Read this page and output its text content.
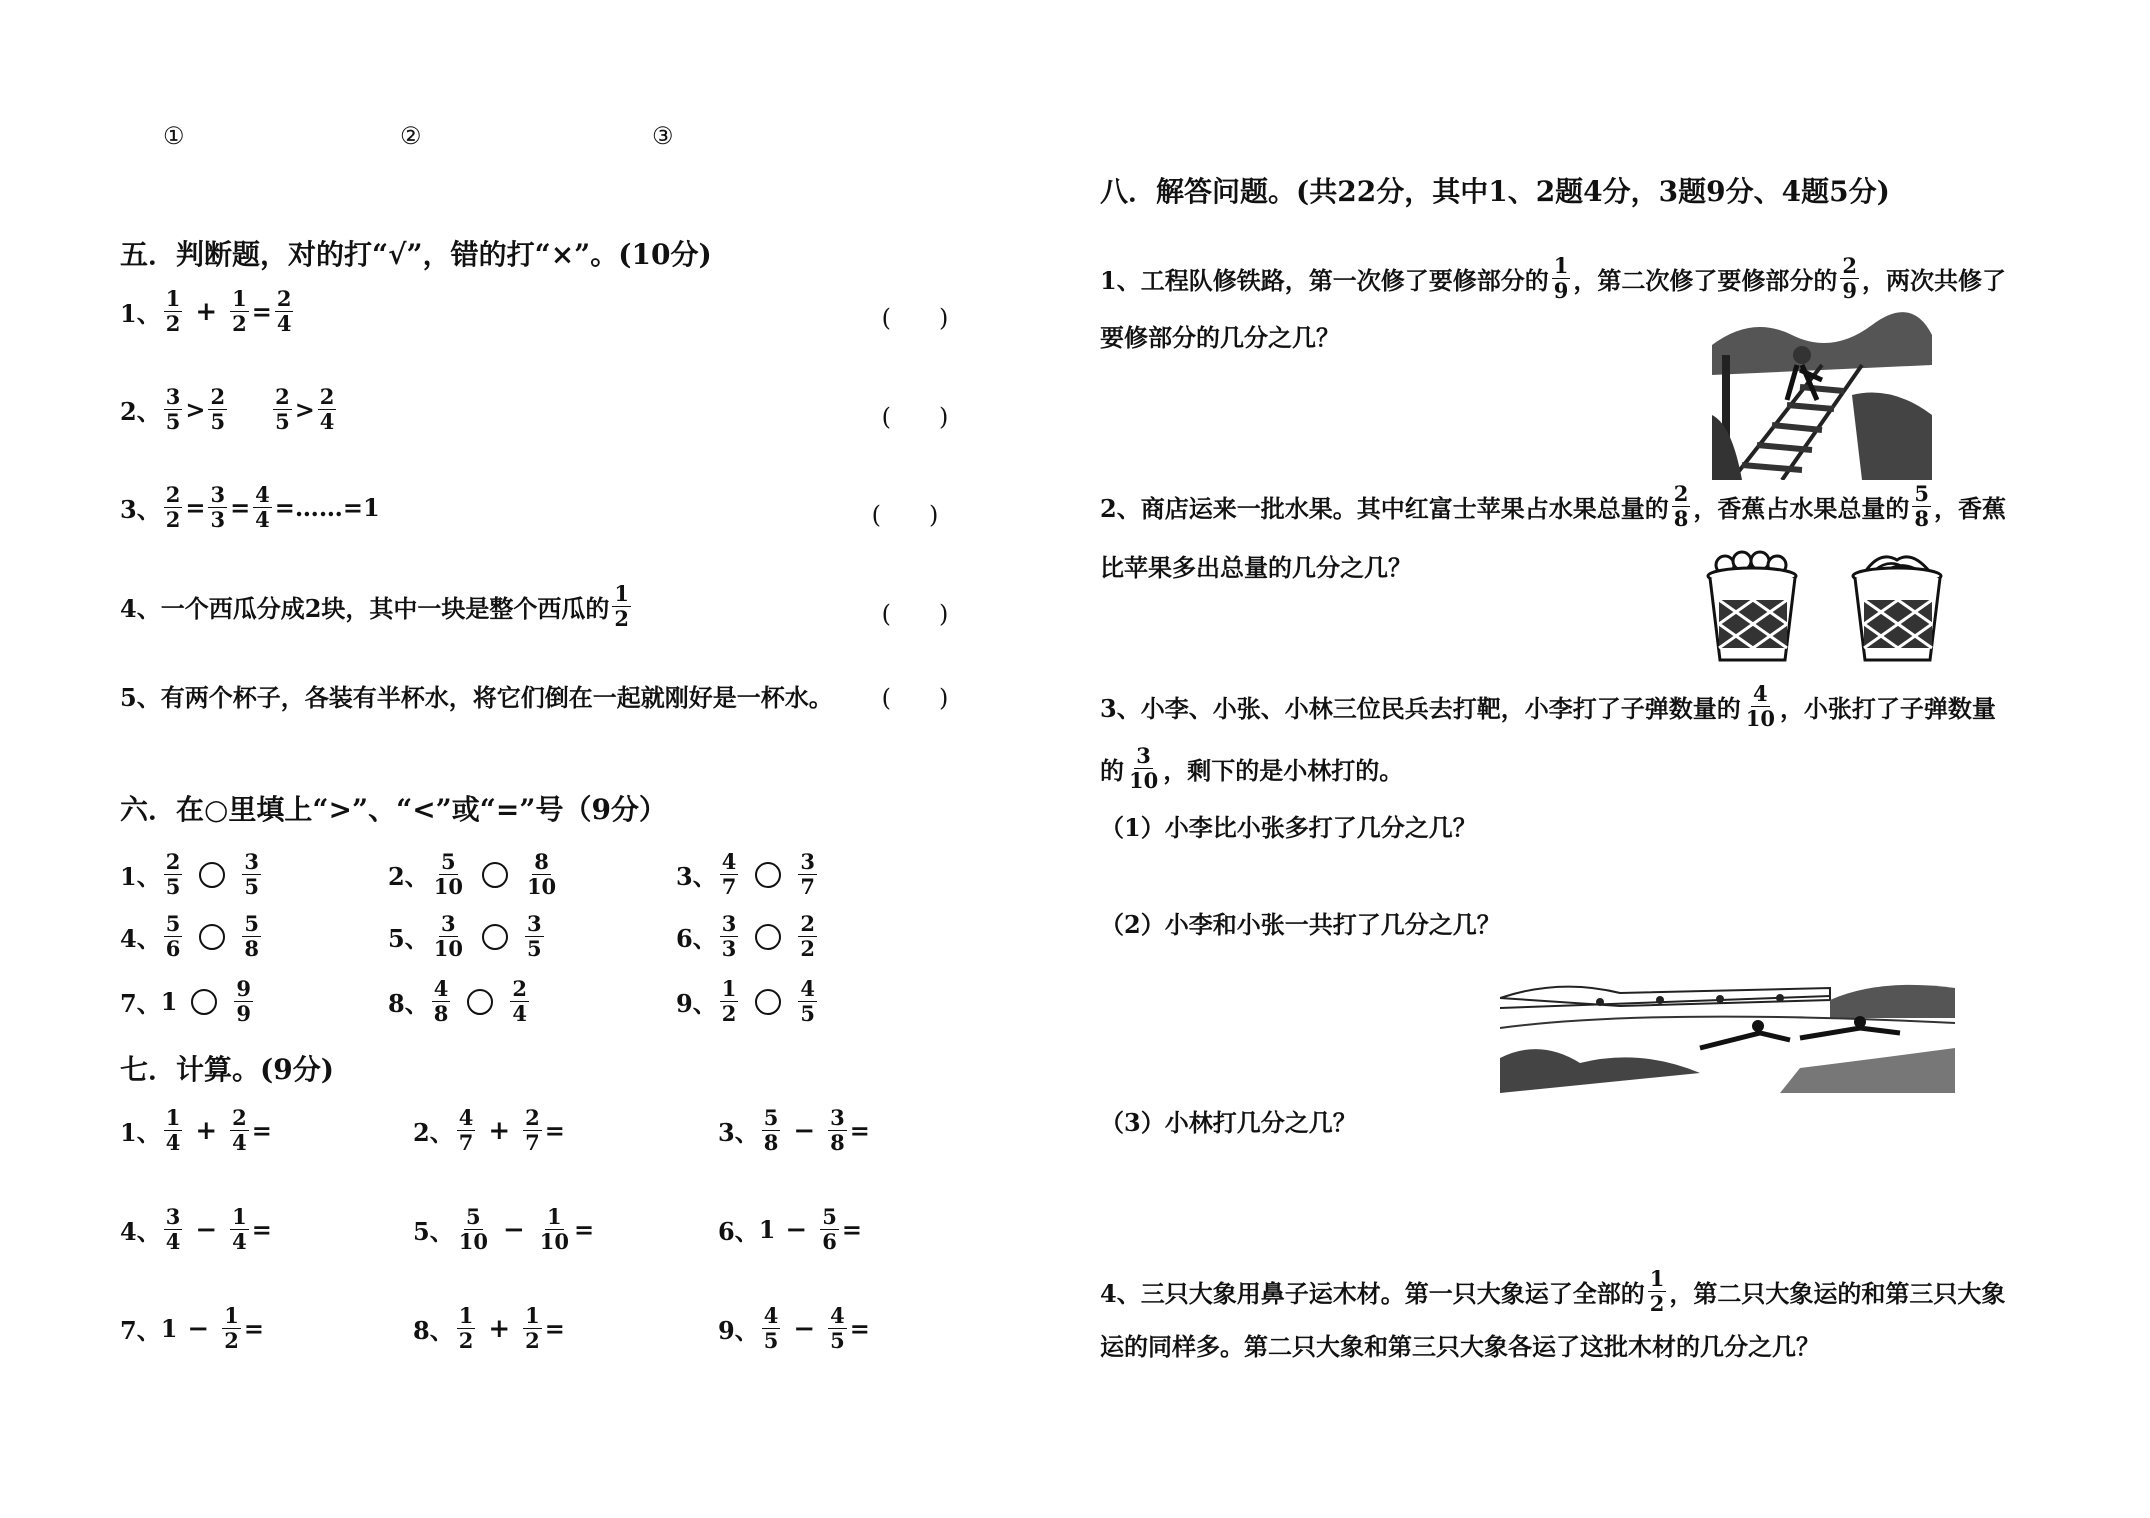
①	②	③
五．判断题，对的打“√”，错的打“×”。(10分)
1、 $\frac{1}{2} + \frac{1}{2} = \frac{2}{4}$	(　　)
2、 $\frac{3}{5} > \frac{2}{5} \frac{2}{5} > \frac{2}{4}$	(　　)
3、 $\frac{2}{2} = \frac{3}{3} = \frac{4}{4}$ =……=1	(　　)
4、 一个西瓜分成2块，其中一块是整个西瓜的 $\frac{1}{2}$	(　　)
5、有两个杯子，各装有半杯水，将它们倒在一起就刚好是一杯水。	(　　)
六．在○里填上“>”、“<”或“=”号（9分）
1、 $\frac{2}{5}$	$\frac{3}{5}$	2、 $\frac{5}{10}$	$\frac{8}{10}$	3、 $\frac{4}{7}$	$\frac{3}{7}$
4、 $\frac{5}{6}$	$\frac{5}{8}$	5、 $\frac{3}{10}$	$\frac{3}{5}$	6、 $\frac{3}{3}$	$\frac{2}{2}$
7、 1	$\frac{9}{9}$	8、 $\frac{4}{8}$	$\frac{2}{4}$	9、 $\frac{1}{2}$	$\frac{4}{5}$
七．计算。(9分)
1、 $\frac{1}{4} + \frac{2}{4}$ =	2、 $\frac{4}{7} + \frac{2}{7}$ =	3、 $\frac{5}{8} - \frac{3}{8}$ =
4、 $\frac{3}{4} - \frac{1}{4}$ =	5、 $\frac{5}{10} - \frac{1}{10}$ =	6、 $1 - \frac{5}{6}$ =
7、 $1 - \frac{1}{2}$ =	8、 $\frac{1}{2} + \frac{1}{2}$ =	9、 $\frac{4}{5} - \frac{4}{5}$ =
八．解答问题。(共22分，其中1、2题4分，3题9分、4题5分)
1、工程队修铁路，第一次修了要修部分的 $\frac{1}{9}$ ，第二次修了要修部分的 $\frac{2}{9}$ ，两次共修了
要修部分的几分之几？
2、商店运来一批水果。其中红富士苹果占水果总量的 $\frac{2}{8}$ ，香蕉占水果总量的 $\frac{5}{8}$ ，香蕉
比苹果多出总量的几分之几？
3、小李、小张、小林三位民兵去打靶，小李打了子弹数量的 $\frac{4}{10}$ ，小张打了子弹数量
的 $\frac{3}{10}$ ，剩下的是小林打的。
（1）小李比小张多打了几分之几？
（2）小李和小张一共打了几分之几？
（3）小林打几分之几？
4、三只大象用鼻子运木材。第一只大象运了全部的 $\frac{1}{2}$ ，第二只大象运的和第三只大象
运的同样多。第二只大象和第三只大象各运了这批木材的几分之几？
